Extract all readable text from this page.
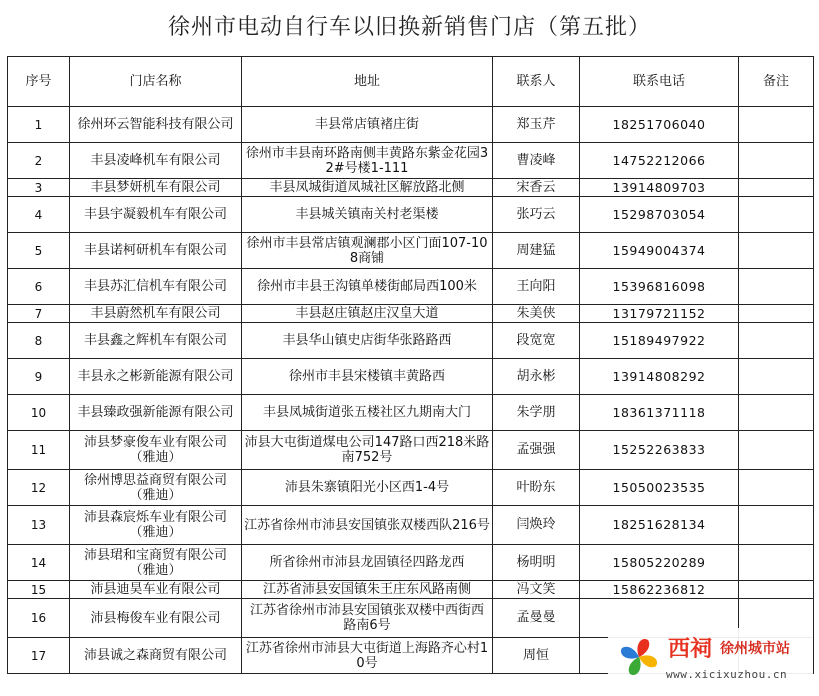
徐州市电动自行车以旧换新销售门店（第五批）
序号	门店名称	地址	联系人	联系电话	备注
1	徐州环云智能科技有限公司	丰县常店镇褚庄街	郑玉芹	18251706040	
2	丰县凌峰机车有限公司	徐州市丰县南环路南侧丰黄路东紫金花园32#号楼1-111	曹凌峰	14752212066	
3	丰县梦妍机车有限公司	丰县凤城街道凤城社区解放路北侧	宋香云	13914809703	
4	丰县宇凝毅机车有限公司	丰县城关镇南关村老渠楼	张巧云	15298703054	
5	丰县诺柯研机车有限公司	徐州市丰县常店镇观澜郡小区门面107-108商铺	周建猛	15949004374	
6	丰县苏汇信机车有限公司	徐州市丰县王沟镇单楼街邮局西100米	王向阳	15396816098	
7	丰县蔚然机车有限公司	丰县赵庄镇赵庄汉皇大道	朱美侠	13179721152	
8	丰县鑫之辉机车有限公司	丰县华山镇史店街华张路路西	段宽宽	15189497922	
9	丰县永之彬新能源有限公司	徐州市丰县宋楼镇丰黄路西	胡永彬	13914808292	
10	丰县臻政强新能源有限公司	丰县凤城街道张五楼社区九期南大门	朱学朋	18361371118	
11	沛县梦豪俊车业有限公司（雅迪）	沛县大屯街道煤电公司147路口西218米路南752号	孟强强	15252263833	
12	徐州博思益商贸有限公司（雅迪）	沛县朱寨镇阳光小区西1-4号	叶盼东	15050023535	
13	沛县森宸烁车业有限公司（雅迪）	江苏省徐州市沛县安国镇张双楼西队216号	闫焕玲	18251628134	
14	沛县珺和宝商贸有限公司（雅迪）	所省徐州市沛县龙固镇径四路龙西	杨明明	15805220289	
15	沛县迪昊车业有限公司	江苏省沛县安国镇朱王庄东风路南侧	冯文笑	15862236812	
16	沛县梅俊车业有限公司	江苏省徐州市沛县安国镇张双楼中西街西路南6号	孟曼曼		
17	沛县诚之森商贸有限公司	江苏省徐州市沛县大屯街道上海路齐心村10号	周恒			西祠 徐州城市站
www.xicixuzhou.cn
